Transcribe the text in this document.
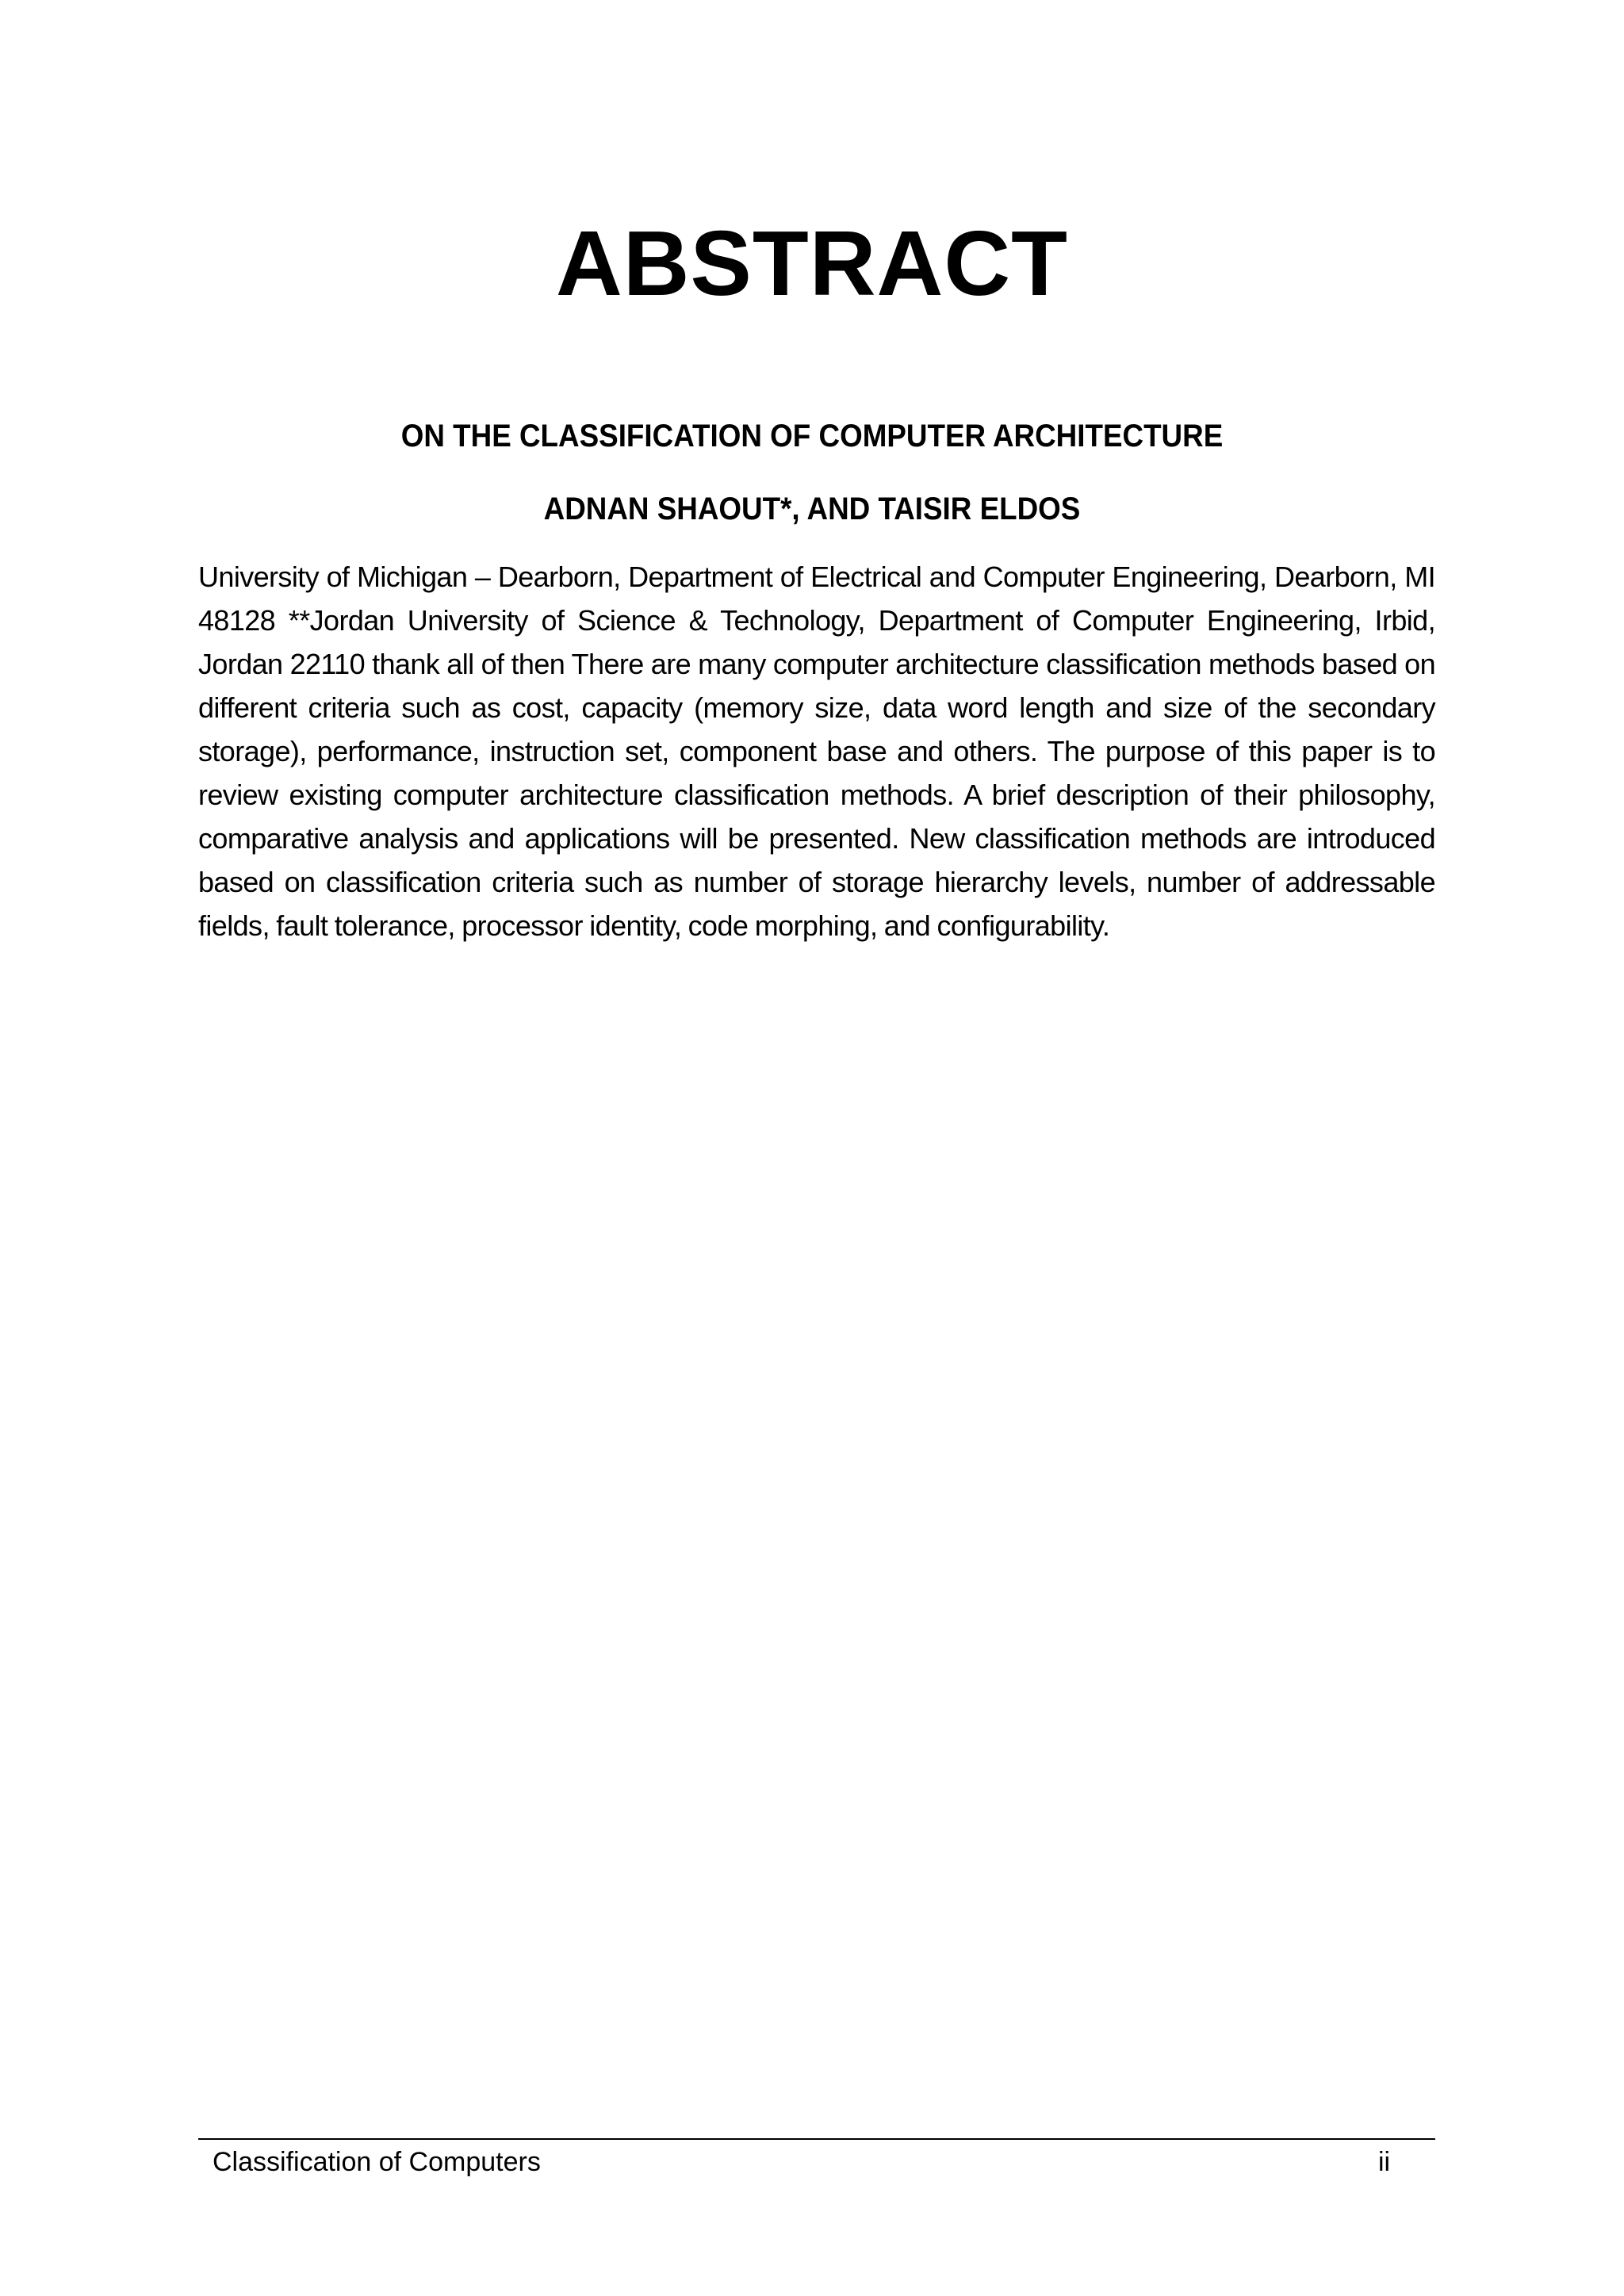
ABSTRACT
ON THE CLASSIFICATION OF COMPUTER ARCHITECTURE
ADNAN SHAOUT*, AND TAISIR ELDOS
University of Michigan – Dearborn, Department of Electrical and Computer Engineering, Dearborn, MI 48128 **Jordan University of Science & Technology, Department of Computer Engineering, Irbid, Jordan 22110 thank all of then There are many computer architecture classification methods based on different criteria such as cost, capacity (memory size, data word length and size of the secondary storage), performance, instruction set, component base and others. The purpose of this paper is to review existing computer architecture classification methods. A brief description of their philosophy, comparative analysis and applications will be presented. New classification methods are introduced based on classification criteria such as number of storage hierarchy levels, number of addressable fields, fault tolerance, processor identity, code morphing, and configurability.
Classification of Computers	ii
